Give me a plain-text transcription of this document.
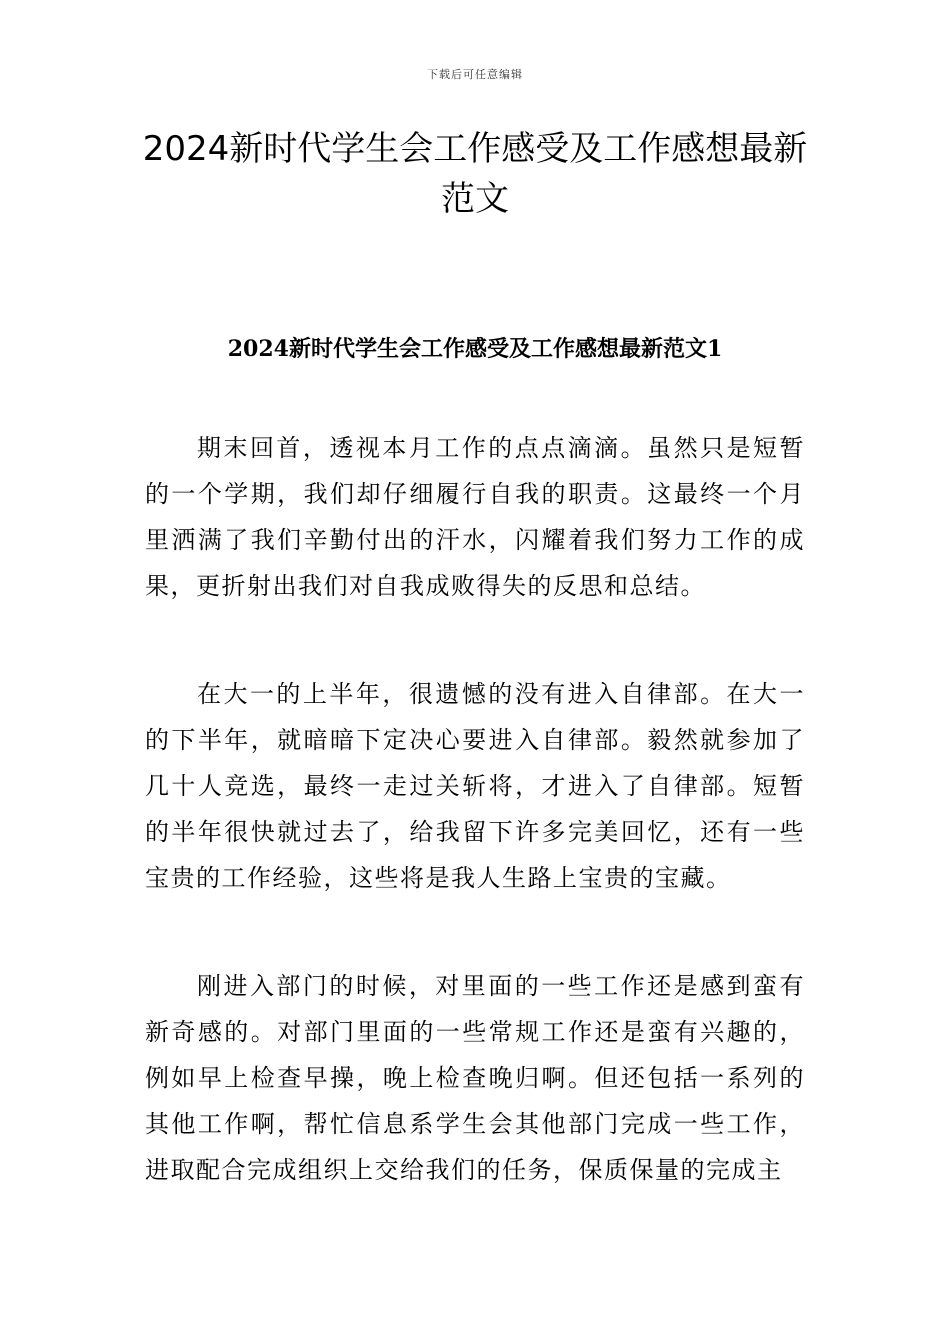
下载后可任意编辑
2024新时代学生会工作感受及工作感想最新范文
2024新时代学生会工作感受及工作感想最新范文1

期末回首，透视本月工作的点点滴滴。虽然只是短暂的一个学期，我们却仔细履行自我的职责。这最终一个月里洒满了我们辛勤付出的汗水，闪耀着我们努力工作的成果，更折射出我们对自我成败得失的反思和总结。

在大一的上半年，很遗憾的没有进入自律部。在大一的下半年，就暗暗下定决心要进入自律部。毅然就参加了几十人竞选，最终一走过关斩将，才进入了自律部。短暂的半年很快就过去了，给我留下许多完美回忆，还有一些宝贵的工作经验，这些将是我人生路上宝贵的宝藏。

刚进入部门的时候，对里面的一些工作还是感到蛮有新奇感的。对部门里面的一些常规工作还是蛮有兴趣的，例如早上检查早操，晚上检查晚归啊。但还包括一系列的其他工作啊，帮忙信息系学生会其他部门完成一些工作，进取配合完成组织上交给我们的任务，保质保量的完成主
